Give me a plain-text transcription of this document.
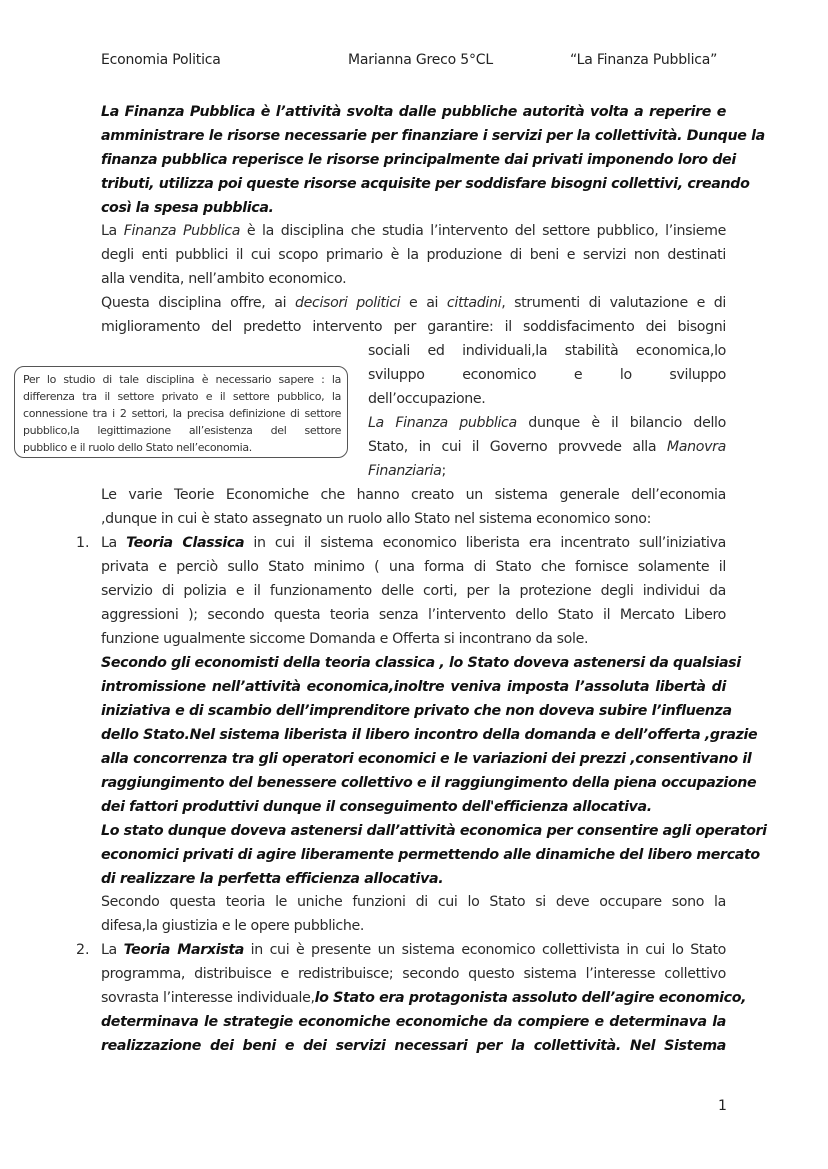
Economia Politica	Marianna Greco 5°CL	“La Finanza Pubblica”
La Finanza Pubblica è l’attività svolta dalle pubbliche autorità volta a reperire e
amministrare le risorse necessarie per finanziare i servizi per la collettività. Dunque la
finanza pubblica reperisce le risorse principalmente dai privati imponendo loro dei
tributi, utilizza poi queste risorse acquisite per soddisfare bisogni collettivi, creando
così la spesa pubblica.
La Finanza Pubblica è la disciplina che studia l’intervento del settore pubblico, l’insieme
degli enti pubblici il cui scopo primario è la produzione di beni e servizi non destinati
alla vendita, nell’ambito economico.
Questa disciplina offre, ai decisori politici e ai cittadini, strumenti di valutazione e di
miglioramento del predetto intervento per garantire: il soddisfacimento dei bisogni
sociali ed individuali,la stabilità economica,lo
sviluppo economico e lo sviluppo
dell’occupazione.
La Finanza pubblica dunque è il bilancio dello
Stato, in cui il Governo provvede alla Manovra
Finanziaria;
Per lo studio di tale disciplina è necessario sapere : la
differenza tra il settore privato e il settore pubblico, la
connessione tra i 2 settori, la precisa definizione di settore
pubblico,la legittimazione all’esistenza del settore
pubblico e il ruolo dello Stato nell’economia.
Le varie Teorie Economiche che hanno creato un sistema generale dell’economia
,dunque in cui è stato assegnato un ruolo allo Stato nel sistema economico sono:
1. La Teoria Classica in cui il sistema economico liberista era incentrato sull’iniziativa
privata e perciò sullo Stato minimo ( una forma di Stato che fornisce solamente il
servizio di polizia e il funzionamento delle corti, per la protezione degli individui da
aggressioni ); secondo questa teoria senza l’intervento dello Stato il Mercato Libero
funzione ugualmente siccome Domanda e Offerta si incontrano da sole.
Secondo gli economisti della teoria classica , lo Stato doveva astenersi da qualsiasi
intromissione nell’attività economica,inoltre veniva imposta l’assoluta libertà di
iniziativa e di scambio dell’imprenditore privato che non doveva subire l’influenza
dello Stato.Nel sistema liberista il libero incontro della domanda e dell’offerta ,grazie
alla concorrenza tra gli operatori economici e le variazioni dei prezzi ,consentivano il
raggiungimento del benessere collettivo e il raggiungimento della piena occupazione
dei fattori produttivi dunque il conseguimento dell'efficienza allocativa.
Lo stato dunque doveva astenersi dall’attività economica per consentire agli operatori
economici privati di agire liberamente permettendo alle dinamiche del libero mercato
di realizzare la perfetta efficienza allocativa.
Secondo questa teoria le uniche funzioni di cui lo Stato si deve occupare sono la
difesa,la giustizia e le opere pubbliche.
2. La Teoria Marxista in cui è presente un sistema economico collettivista in cui lo Stato
programma, distribuisce e redistribuisce; secondo questo sistema l’interesse collettivo
sovrasta l’interesse individuale,lo Stato era protagonista assoluto dell’agire economico,
determinava le strategie economiche economiche da compiere e determinava la
realizzazione dei beni e dei servizi necessari per la collettività. Nel Sistema
1
